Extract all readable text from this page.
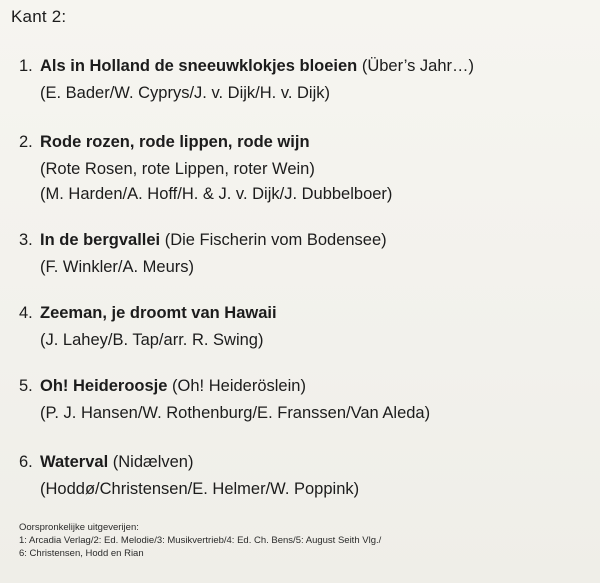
Kant 2:
1. Als in Holland de sneeuwklokjes bloeien (Über’s Jahr…)
(E. Bader/W. Cyprys/J. v. Dijk/H. v. Dijk)
2. Rode rozen, rode lippen, rode wijn
(Rote Rosen, rote Lippen, roter Wein)
(M. Harden/A. Hoff/H. & J. v. Dijk/J. Dubbelboer)
3. In de bergvallei (Die Fischerin vom Bodensee)
(F. Winkler/A. Meurs)
4. Zeeman, je droomt van Hawaii
(J. Lahey/B. Tap/arr. R. Swing)
5. Oh! Heideroosje (Oh! Heiderӧslein)
(P. J. Hansen/W. Rothenburg/E. Franssen/Van Aleda)
6. Waterval (Nidælven)
(Hoddø/Christensen/E. Helmer/W. Poppink)
Oorspronkelijke uitgeverijen:
1: Arcadia Verlag/2: Ed. Melodie/3: Musikvertrieb/4: Ed. Ch. Bens/5: August Seith Vlg./
6: Christensen, Hodd en Rian
